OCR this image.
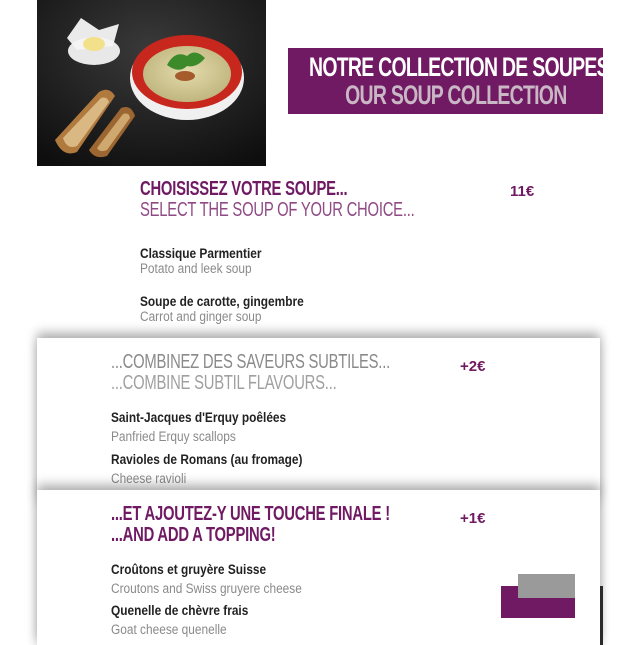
NOTRE COLLECTION DE SOUPES
OUR SOUP COLLECTION
CHOISISSEZ VOTRE SOUPE...
SELECT THE SOUP OF YOUR CHOICE...
11€
Classique Parmentier
Potato and leek soup
Soupe de carotte, gingembre
Carrot and ginger soup
...COMBINEZ DES SAVEURS SUBTILES...
...COMBINE SUBTIL FLAVOURS...
+2€
Saint-Jacques d'Erquy poêlées
Panfried Erquy scallops
Ravioles de Romans (au fromage)
Cheese ravioli
...ET AJOUTEZ-Y UNE TOUCHE FINALE !
...AND ADD A TOPPING!
+1€
Croûtons et gruyère Suisse
Croutons and Swiss gruyere cheese
Quenelle de chèvre frais
Goat cheese quenelle
